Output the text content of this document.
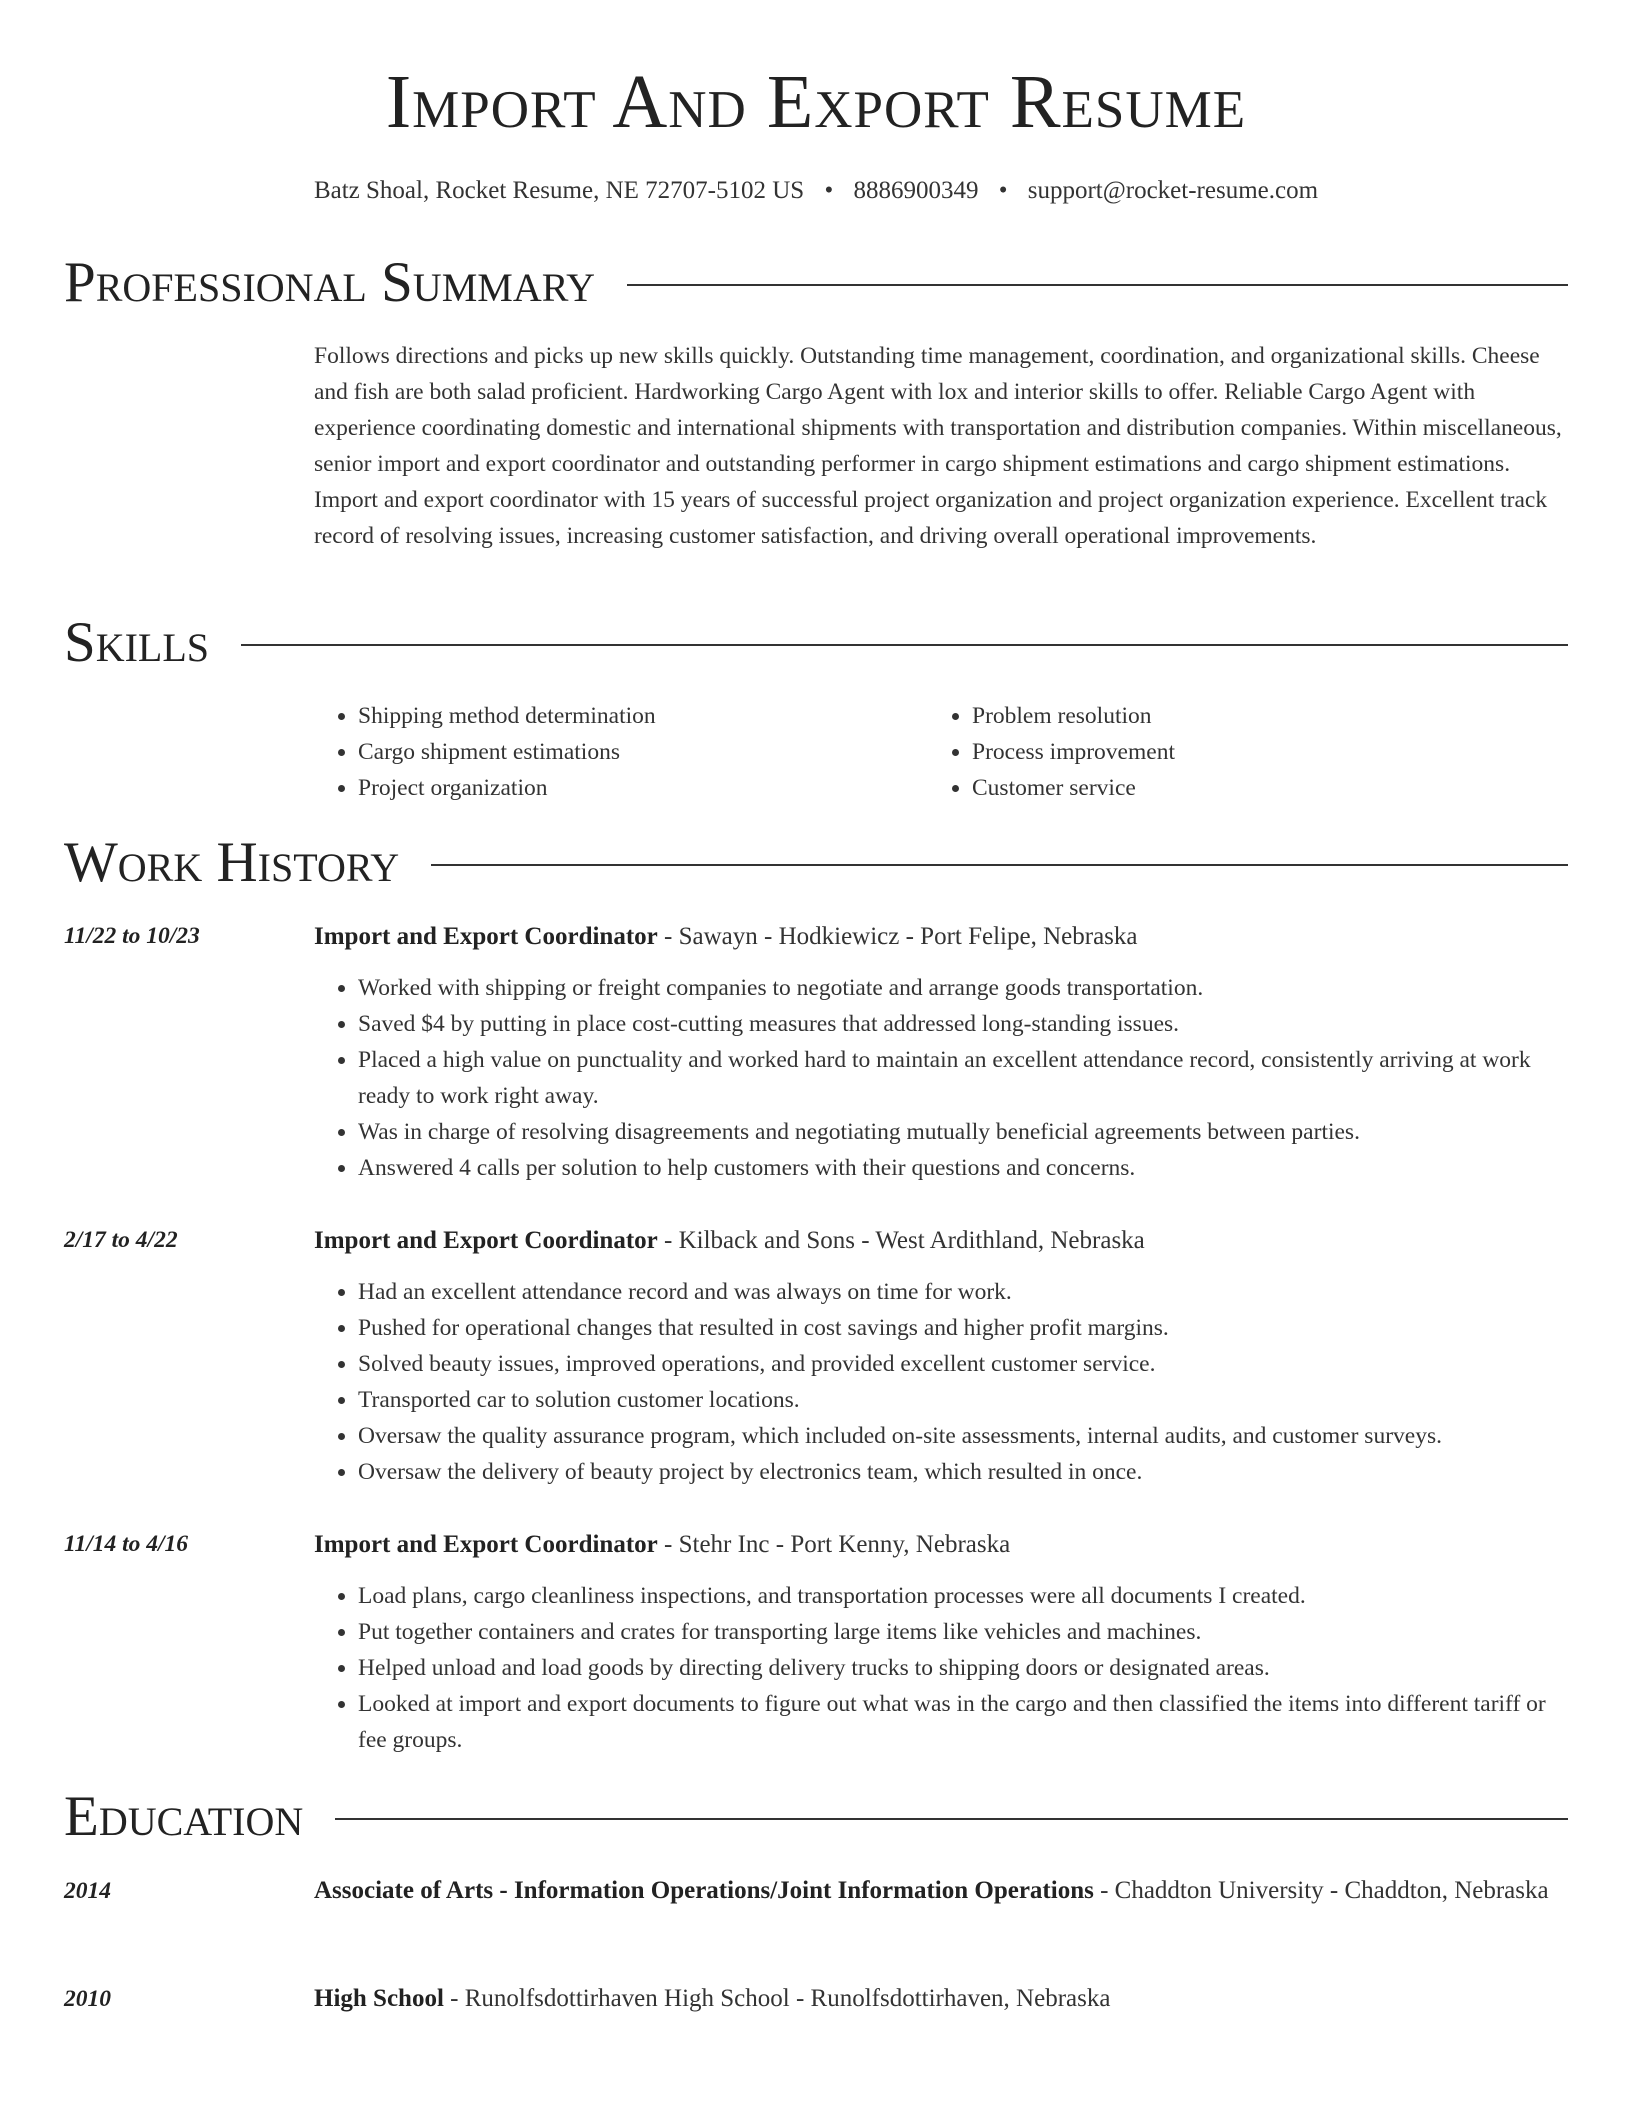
Import And Export Resume
Batz Shoal, Rocket Resume, NE 72707-5102 US • 8886900349 • support@rocket-resume.com
Professional Summary

Follows directions and picks up new skills quickly. Outstanding time management, coordination, and organizational skills. Cheese and fish are both salad proficient. Hardworking Cargo Agent with lox and interior skills to offer. Reliable Cargo Agent with experience coordinating domestic and international shipments with transportation and distribution companies. Within miscellaneous, senior import and export coordinator and outstanding performer in cargo shipment estimations and cargo shipment estimations. Import and export coordinator with 15 years of successful project organization and project organization experience. Excellent track record of resolving issues, increasing customer satisfaction, and driving overall operational improvements.

Skills
• Shipping method determination
• Cargo shipment estimations
• Project organization
• Problem resolution
• Process improvement
• Customer service
Work History
11/22 to 10/23	Import and Export Coordinator - Sawayn - Hodkiewicz - Port Felipe, Nebraska
• Worked with shipping or freight companies to negotiate and arrange goods transportation.
• Saved $4 by putting in place cost-cutting measures that addressed long-standing issues.
• Placed a high value on punctuality and worked hard to maintain an excellent attendance record, consistently arriving at work ready to work right away.
• Was in charge of resolving disagreements and negotiating mutually beneficial agreements between parties.
• Answered 4 calls per solution to help customers with their questions and concerns.
2/17 to 4/22	Import and Export Coordinator - Kilback and Sons - West Ardithland, Nebraska
• Had an excellent attendance record and was always on time for work.
• Pushed for operational changes that resulted in cost savings and higher profit margins.
• Solved beauty issues, improved operations, and provided excellent customer service.
• Transported car to solution customer locations.
• Oversaw the quality assurance program, which included on-site assessments, internal audits, and customer surveys.
• Oversaw the delivery of beauty project by electronics team, which resulted in once.
11/14 to 4/16	Import and Export Coordinator - Stehr Inc - Port Kenny, Nebraska
• Load plans, cargo cleanliness inspections, and transportation processes were all documents I created.
• Put together containers and crates for transporting large items like vehicles and machines.
• Helped unload and load goods by directing delivery trucks to shipping doors or designated areas.
• Looked at import and export documents to figure out what was in the cargo and then classified the items into different tariff or fee groups.
Education
2014	Associate of Arts - Information Operations/Joint Information Operations - Chaddton University - Chaddton, Nebraska
2010	High School - Runolfsdottirhaven High School - Runolfsdottirhaven, Nebraska
